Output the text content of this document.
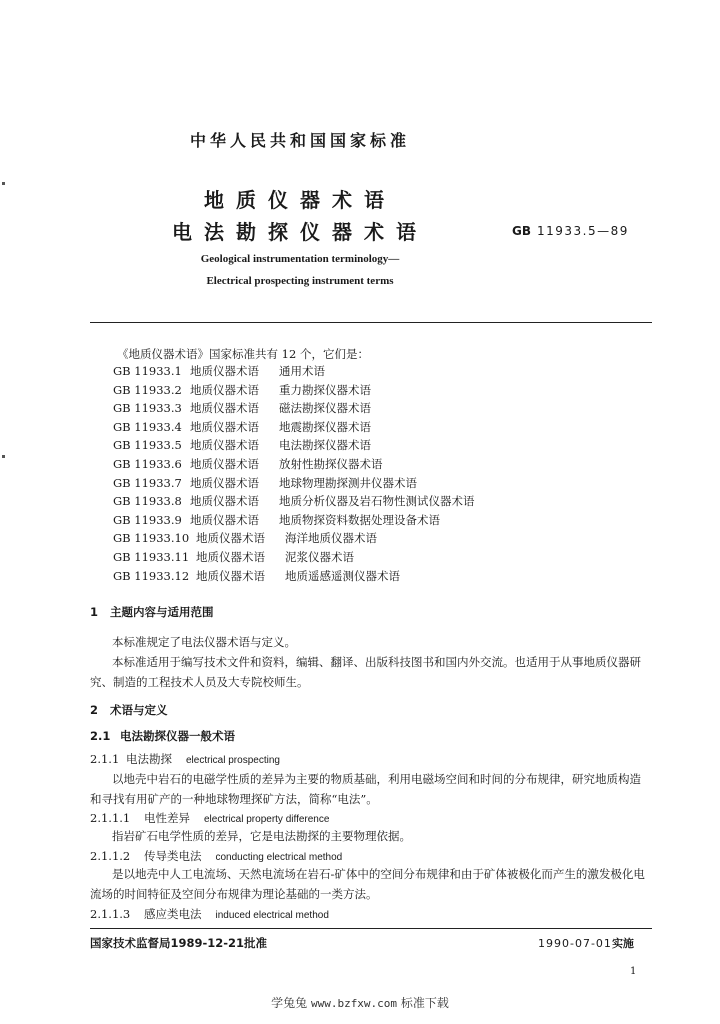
中华人民共和国国家标准
地质仪器术语
电法勘探仪器术语	GB 11933.5—89
Geological instrumentation terminology—
Electrical prospecting instrument terms
《地质仪器术语》国家标准共有 12 个，它们是：
GB 11933.1 地质仪器术语 通用术语
GB 11933.2 地质仪器术语 重力勘探仪器术语
GB 11933.3 地质仪器术语 磁法勘探仪器术语
GB 11933.4 地质仪器术语 地震勘探仪器术语
GB 11933.5 地质仪器术语 电法勘探仪器术语
GB 11933.6 地质仪器术语 放射性勘探仪器术语
GB 11933.7 地质仪器术语 地球物理勘探测井仪器术语
GB 11933.8 地质仪器术语 地质分析仪器及岩石物性测试仪器术语
GB 11933.9 地质仪器术语 地质物探资料数据处理设备术语
GB 11933.10 地质仪器术语 海洋地质仪器术语
GB 11933.11 地质仪器术语 泥浆仪器术语
GB 11933.12 地质仪器术语 地质遥感遥测仪器术语
1 主题内容与适用范围
本标准规定了电法仪器术语与定义。
本标准适用于编写技术文件和资料，编辑、翻译、出版科技图书和国内外交流。也适用于从事地质仪器研究、制造的工程技术人员及大专院校师生。
2 术语与定义
2.1 电法勘探仪器一般术语
2.1.1 电法勘探 electrical prospecting
以地壳中岩石的电磁学性质的差异为主要的物质基础，利用电磁场空间和时间的分布规律，研究地质构造和寻找有用矿产的一种地球物理探矿方法，简称“电法”。
2.1.1.1 电性差异 electrical property difference
指岩矿石电学性质的差异，它是电法勘探的主要物理依据。
2.1.1.2 传导类电法 conducting electrical method
是以地壳中人工电流场、天然电流场在岩石-矿体中的空间分布规律和由于矿体被极化而产生的激发极化电流场的时间特征及空间分布规律为理论基础的一类方法。
2.1.1.3 感应类电法 induced electrical method
国家技术监督局1989-12-21批准	1990-07-01实施
1
学兔兔 www.bzfxw.com 标准下载
